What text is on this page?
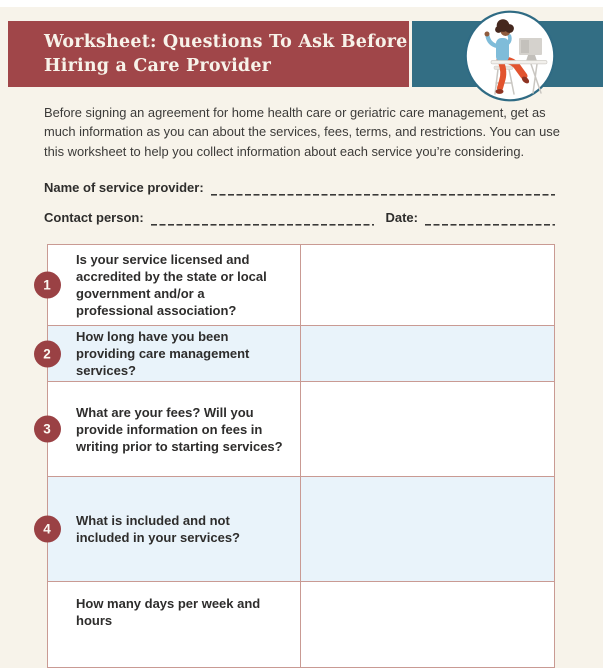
Worksheet: Questions To Ask Before
Hiring a Care Provider

Before signing an agreement for home health care or geriatric care management, get as much information as you can about the services, fees, terms, and restrictions. You can use this worksheet to help you collect information about each service you’re considering.

Name of service provider:
Contact person:	Date:
1

Is your service licensed and accredited by the state or local government and/or a professional association?

2

How long have you been providing care management services?

3

What are your fees? Will you provide information on fees in writing prior to starting services?

4

What is included and not included in your services?

How many days per week and hours
